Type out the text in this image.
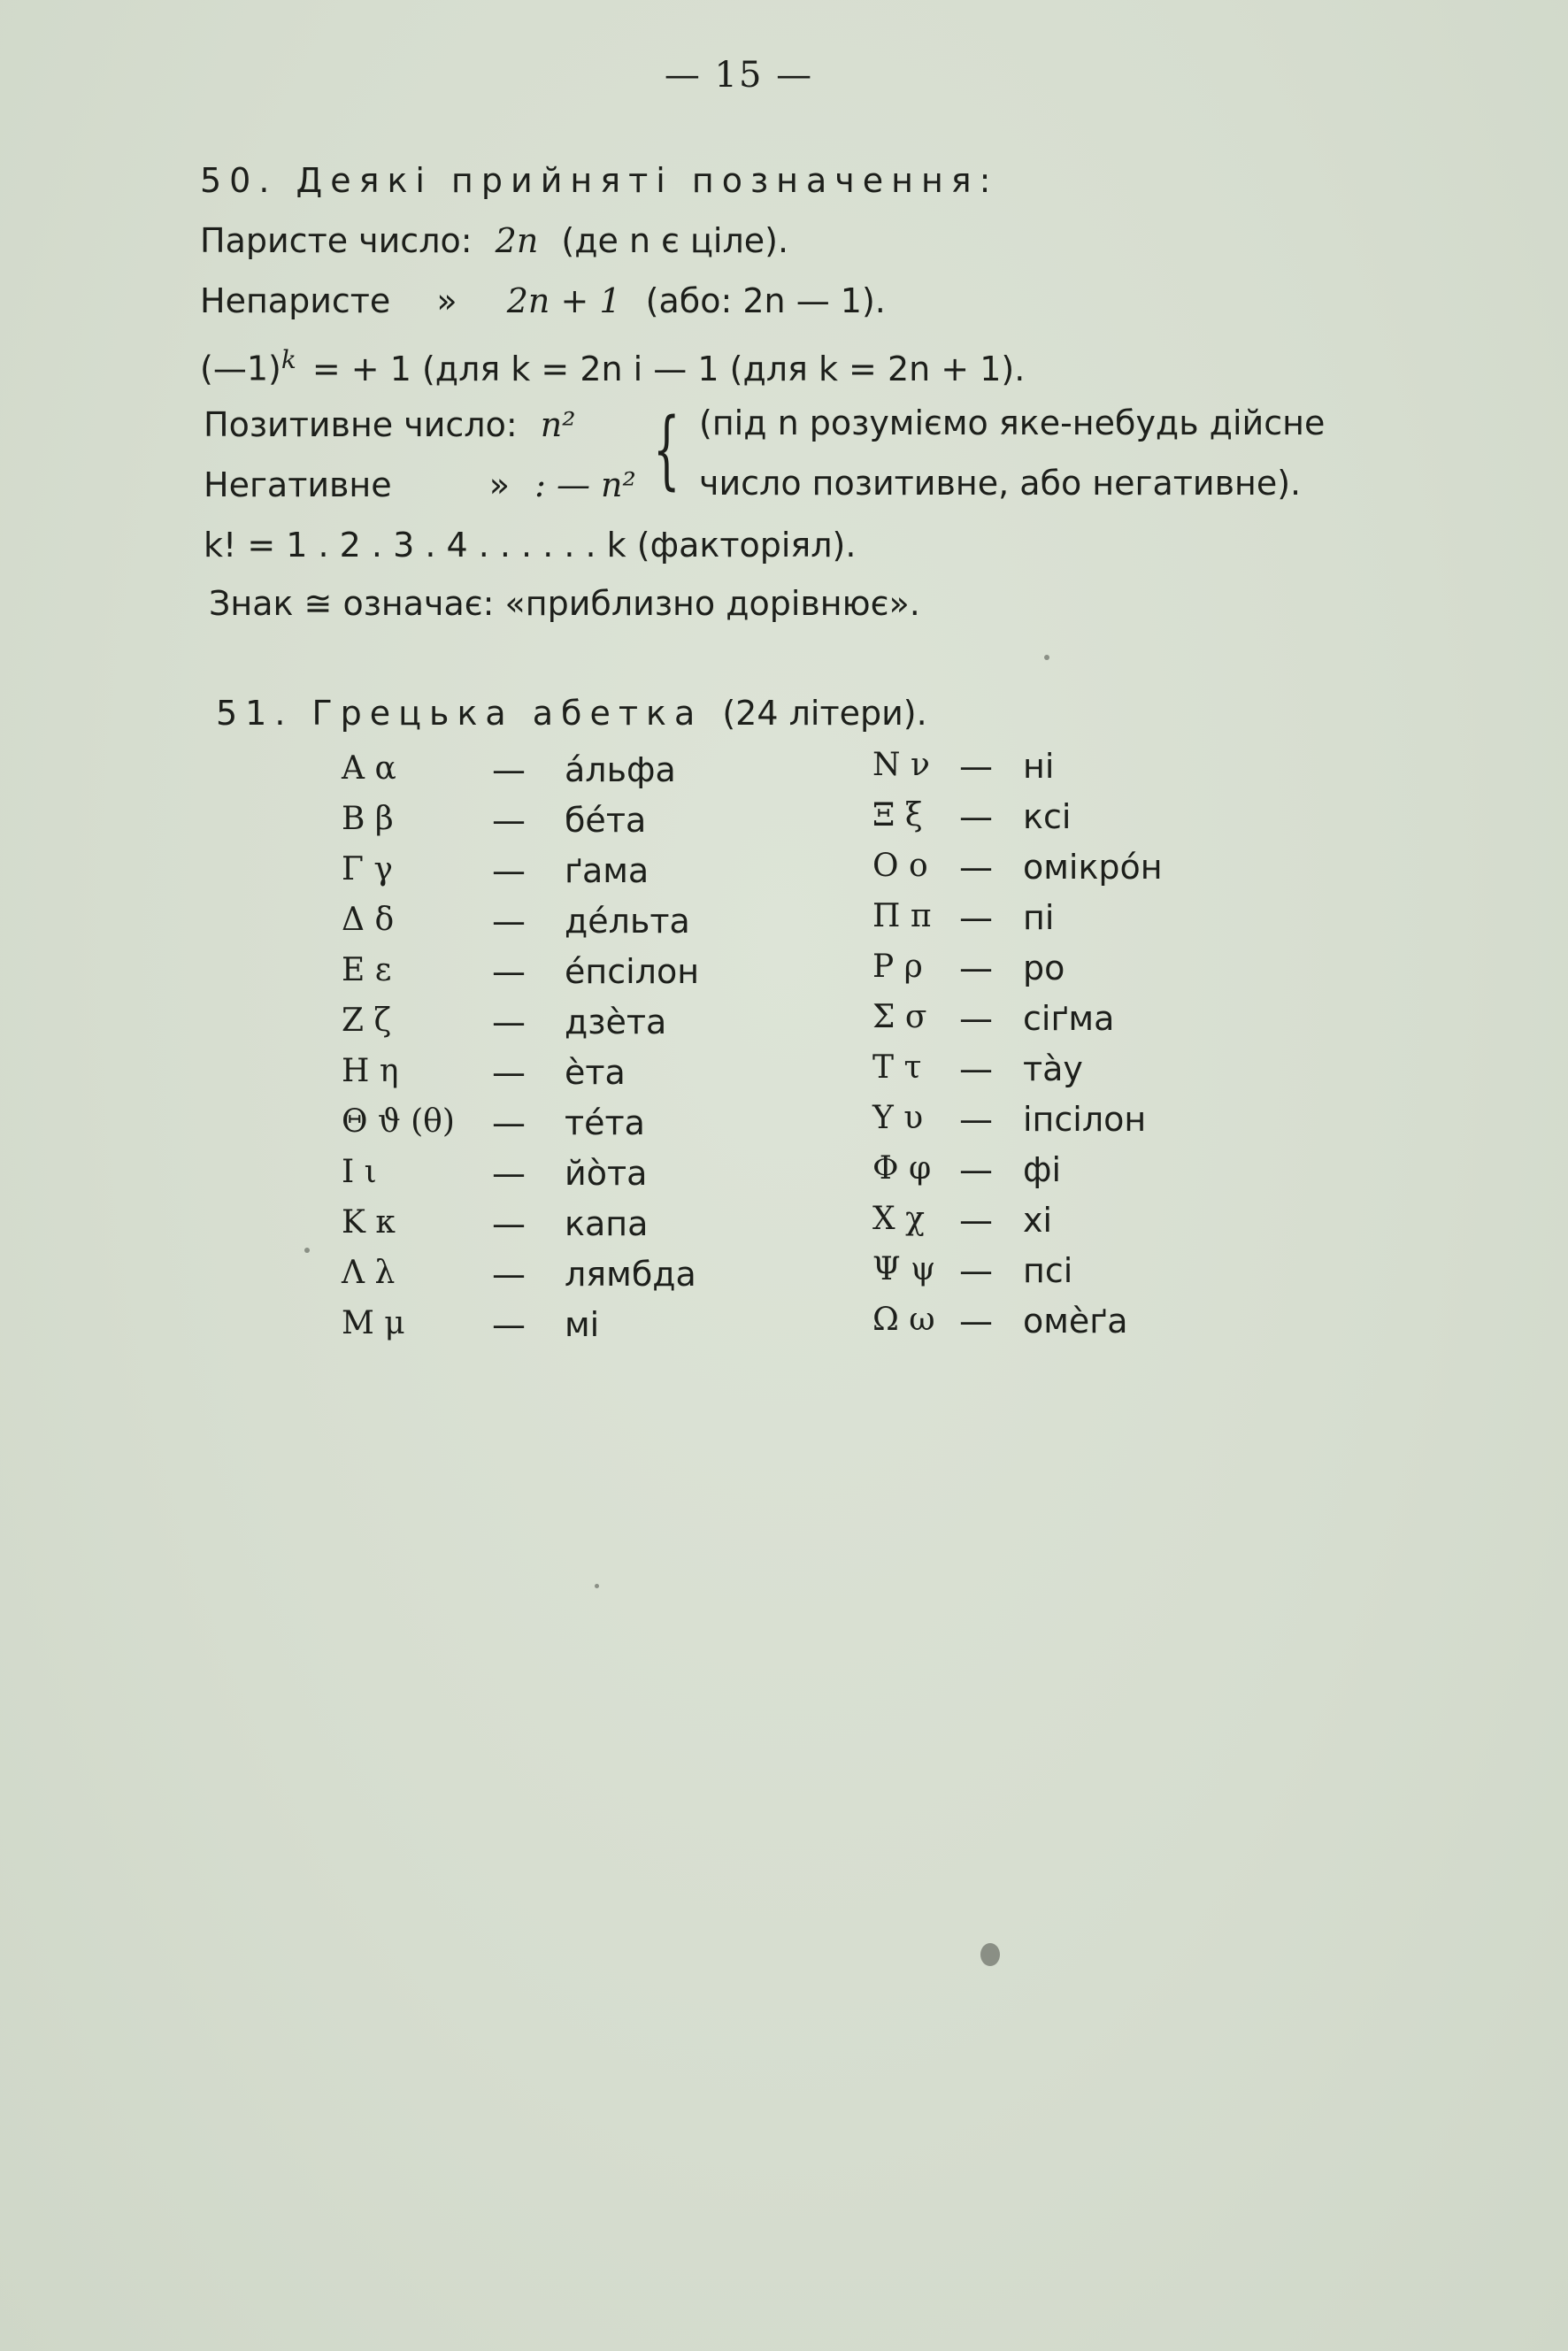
— 15 —
50. Деякі прийняті позначення:
Паристе число: 2n (де n є ціле).
Непаристе » 2n + 1 (або: 2n — 1).
(—1)$^k$ = + 1 (для k = 2n і — 1 (для k = 2n + 1).
Позитивне число: n² { (під n розуміємо яке-небудь дійсне
Негативне	» : — n² число позитивне, або негативне).
k! = 1 . 2 . 3 . 4 . . . . . . k (факторіял).
Знак ≅ означає: «приблизно дорівнює».
51. Грецька абетка (24 літери).
Α α	— áльфа
Β β	— бéта
Γ γ	— ґама
Δ δ	— дéльта
Ε ε	— éпсілон
Ζ ζ	— дзèта
Η η	— èта
Θ ϑ (θ) — тéта
Ι ι	— йòта
Κ κ	— капа
Λ λ	— лямбда
Μ μ	— мі
Ν ν — ні
Ξ ξ — ксі
Ο ο — омікрóн
Π π — пі
Ρ ρ — ро
Σ σ — сіґма
Τ τ — тàу
Υ υ — іпсілон
Φ φ — фі
Χ χ — хі
Ψ ψ — псі
Ω ω — омèґа
